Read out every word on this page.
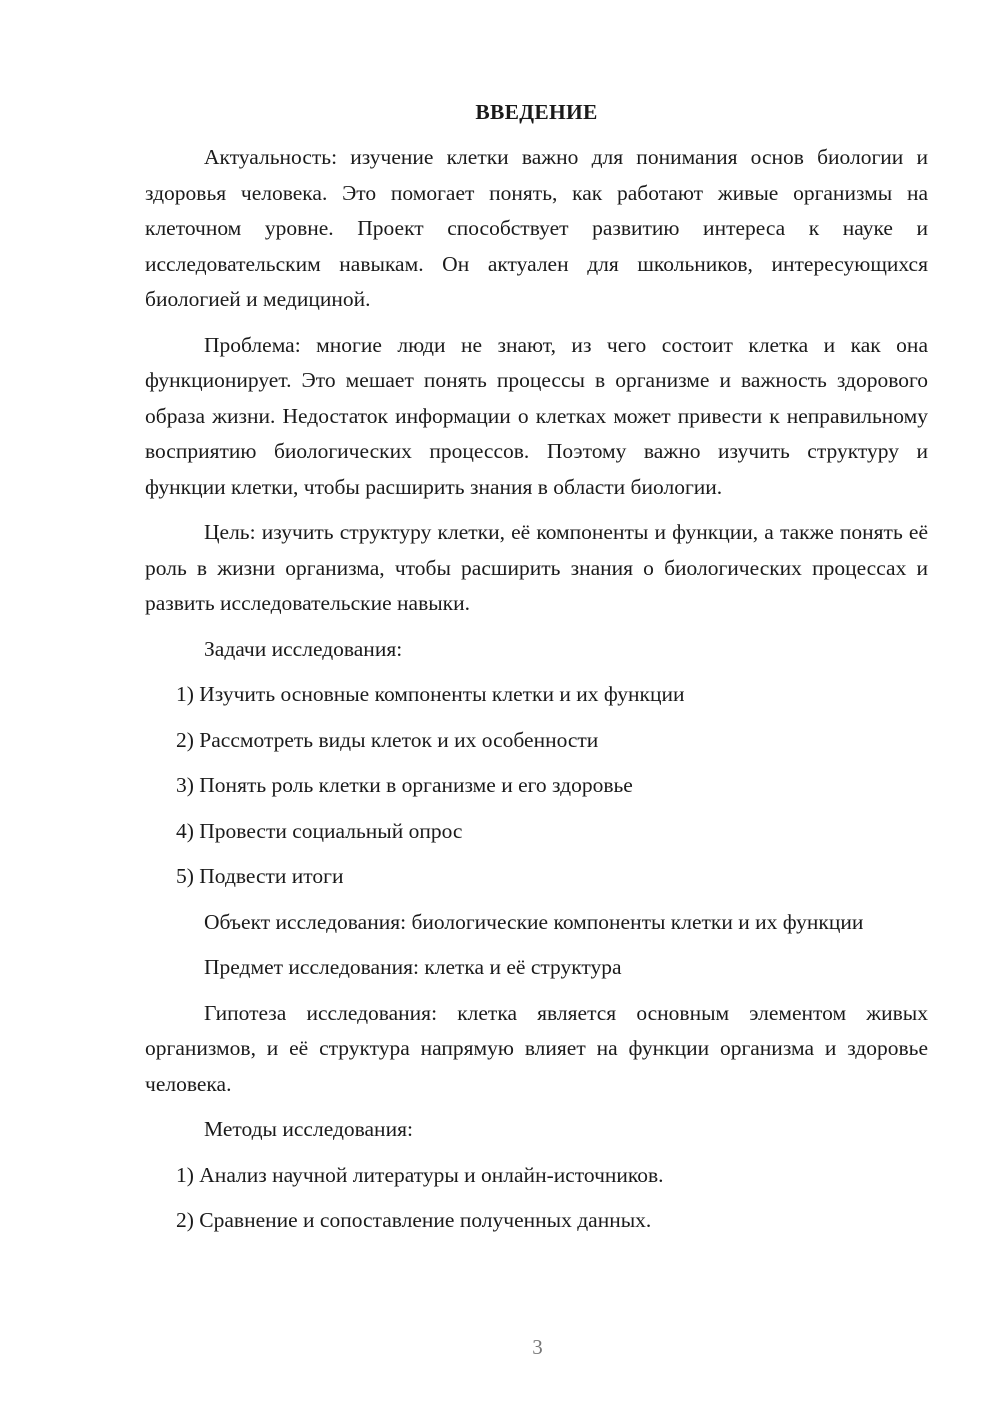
ВВЕДЕНИЕ

Актуальность: изучение клетки важно для понимания основ биологии и здоровья человека. Это помогает понять, как работают живые организмы на клеточном уровне. Проект способствует развитию интереса к науке и исследовательским навыкам. Он актуален для школьников, интересующихся биологией и медициной.

Проблема: многие люди не знают, из чего состоит клетка и как она функционирует. Это мешает понять процессы в организме и важность здорового образа жизни. Недостаток информации о клетках может привести к неправильному восприятию биологических процессов. Поэтому важно изучить структуру и функции клетки, чтобы расширить знания в области биологии.

Цель: изучить структуру клетки, её компоненты и функции, а также понять её роль в жизни организма, чтобы расширить знания о биологических процессах и развить исследовательские навыки.

Задачи исследования:

1) Изучить основные компоненты клетки и их функции

2) Рассмотреть виды клеток и их особенности

3) Понять роль клетки в организме и его здоровье

4) Провести социальный опрос

5) Подвести итоги

Объект исследования: биологические компоненты клетки и их функции

Предмет исследования: клетка и её структура

Гипотеза исследования: клетка является основным элементом живых организмов, и её структура напрямую влияет на функции организма и здоровье человека.

Методы исследования:

1) Анализ научной литературы и онлайн-источников.

2) Сравнение и сопоставление полученных данных.

3
